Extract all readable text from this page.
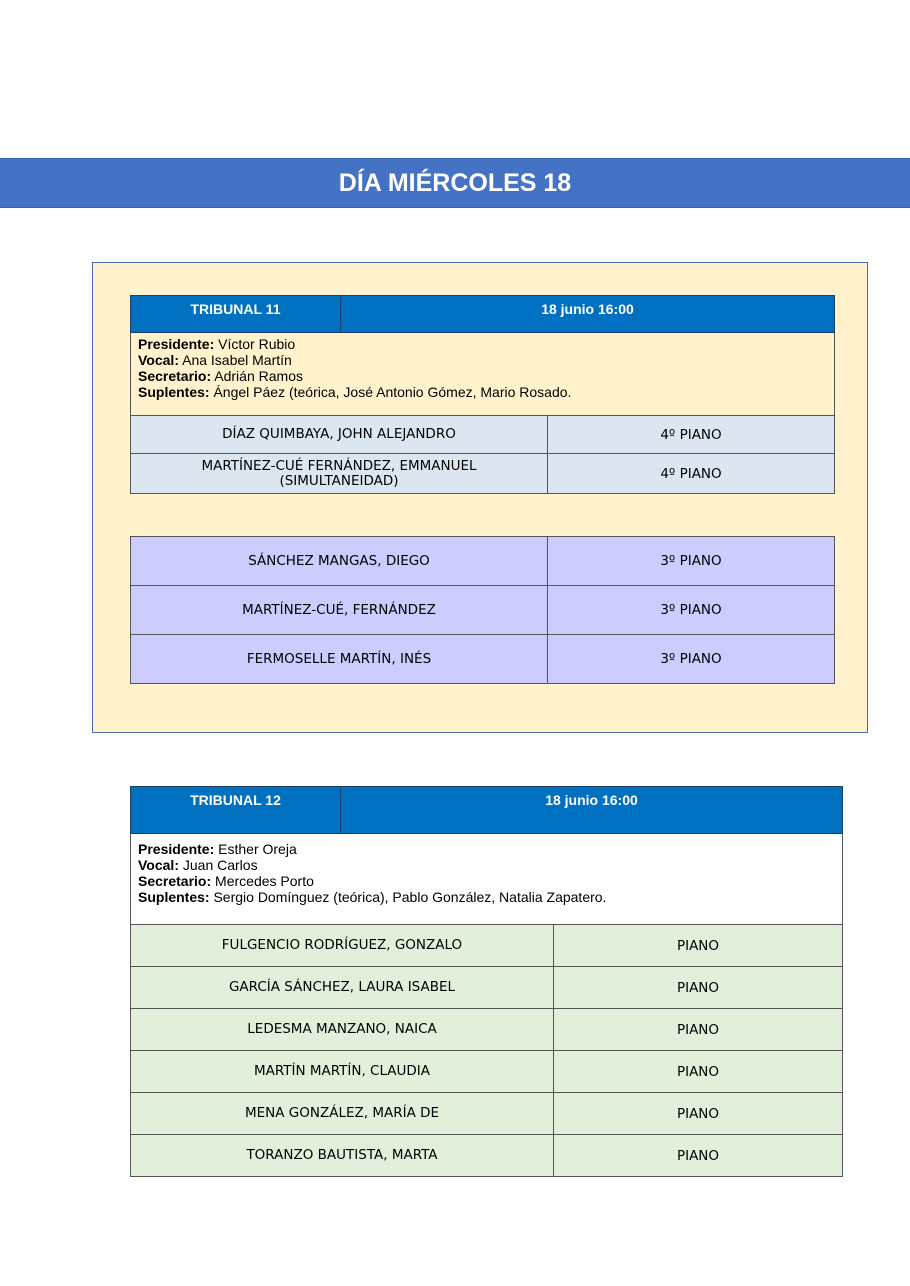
DÍA MIÉRCOLES 18
TRIBUNAL 11	18 junio 16:00
Presidente: Víctor Rubio
Vocal: Ana Isabel Martín
Secretario: Adrián Ramos
Suplentes: Ángel Páez (teórica, José Antonio Gómez, Mario Rosado.
DÍAZ QUIMBAYA, JOHN ALEJANDRO	4º PIANO
MARTÍNEZ-CUÉ FERNÁNDEZ, EMMANUEL (SIMULTANEIDAD)	4º PIANO
SÁNCHEZ MANGAS, DIEGO	3º PIANO
MARTÍNEZ-CUÉ, FERNÁNDEZ	3º PIANO
FERMOSELLE MARTÍN, INÉS	3º PIANO
TRIBUNAL 12	18 junio 16:00
Presidente: Esther Oreja
Vocal: Juan Carlos
Secretario: Mercedes Porto
Suplentes: Sergio Domínguez (teórica), Pablo González, Natalia Zapatero.
FULGENCIO RODRÍGUEZ, GONZALO	PIANO
GARCÍA SÁNCHEZ, LAURA ISABEL	PIANO
LEDESMA MANZANO, NAICA	PIANO
MARTÍN MARTÍN, CLAUDIA	PIANO
MENA GONZÁLEZ, MARÍA DE	PIANO
TORANZO BAUTISTA, MARTA	PIANO
